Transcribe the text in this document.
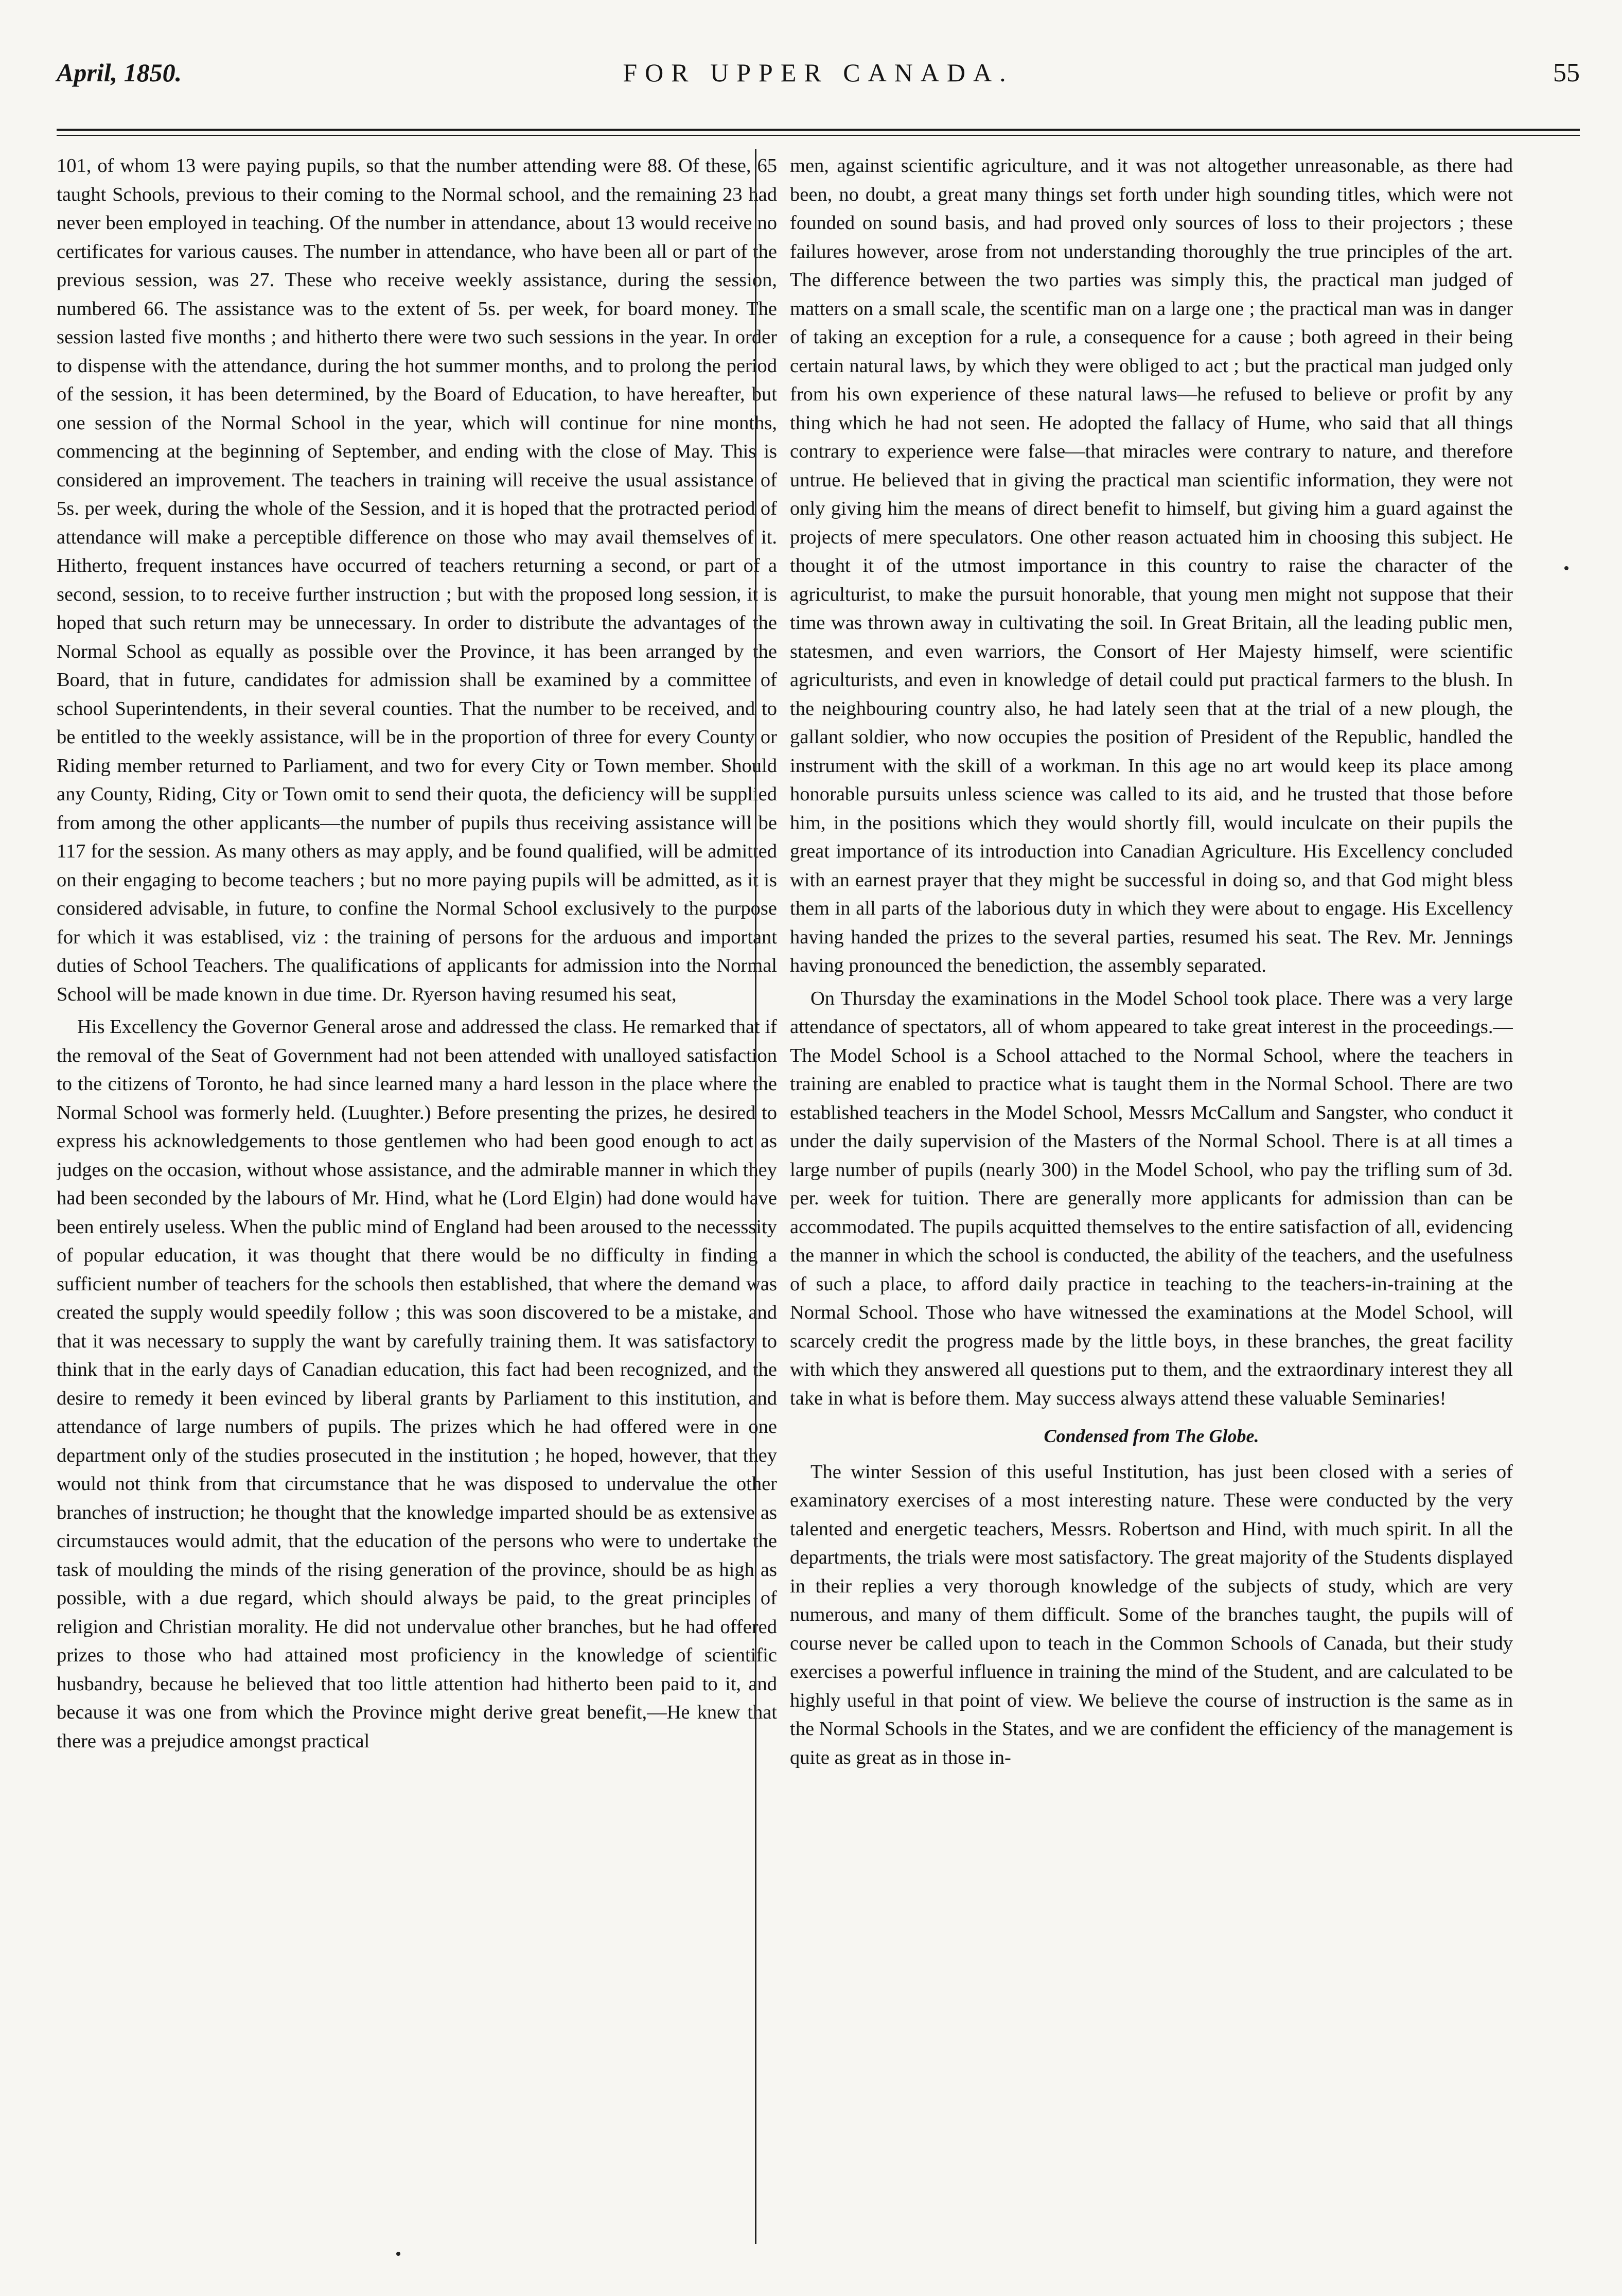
April, 1850.	FOR UPPER CANADA.	55

101, of whom 13 were paying pupils, so that the number attending were 88. Of these, 65 taught Schools, previous to their coming to the Normal school, and the remaining 23 had never been employed in teaching. Of the number in attendance, about 13 would receive no certificates for various causes. The number in attendance, who have been all or part of the previous session, was 27. These who receive weekly assistance, during the session, numbered 66. The assistance was to the extent of 5s. per week, for board money. The session lasted five months ; and hitherto there were two such sessions in the year. In order to dispense with the attendance, during the hot summer months, and to prolong the period of the session, it has been determined, by the Board of Education, to have hereafter, but one session of the Normal School in the year, which will continue for nine months, commencing at the beginning of September, and ending with the close of May. This is considered an improvement. The teachers in training will receive the usual assistance of 5s. per week, during the whole of the Session, and it is hoped that the protracted period of attendance will make a perceptible difference on those who may avail themselves of it. Hitherto, frequent instances have occurred of teachers returning a second, or part of a second, session, to to receive further instruction ; but with the proposed long session, it is hoped that such return may be unnecessary. In order to distribute the advantages of the Normal School as equally as possible over the Province, it has been arranged by the Board, that in future, candidates for admission shall be examined by a committee of school Superintendents, in their several counties. That the number to be received, and to be entitled to the weekly assistance, will be in the proportion of three for every County or Riding member returned to Parliament, and two for every City or Town member. Should any County, Riding, City or Town omit to send their quota, the deficiency will be supplied from among the other applicants—the number of pupils thus receiving assistance will be 117 for the session. As many others as may apply, and be found qualified, will be admitted on their engaging to become teachers ; but no more paying pupils will be admitted, as it is considered advisable, in future, to confine the Normal School exclusively to the purpose for which it was establised, viz : the training of persons for the arduous and important duties of School Teachers. The qualifications of applicants for admission into the Normal School will be made known in due time. Dr. Ryerson having resumed his seat,

His Excellency the Governor General arose and addressed the class. He remarked that if the removal of the Seat of Government had not been attended with unalloyed satisfaction to the citizens of Toronto, he had since learned many a hard lesson in the place where the Normal School was formerly held. (Luughter.) Before presenting the prizes, he desired to express his acknowledgements to those gentlemen who had been good enough to act as judges on the occasion, without whose assistance, and the admirable manner in which they had been seconded by the labours of Mr. Hind, what he (Lord Elgin) had done would have been entirely useless. When the public mind of England had been aroused to the necesssity of popular education, it was thought that there would be no difficulty in finding a sufficient number of teachers for the schools then established, that where the demand was created the supply would speedily follow ; this was soon discovered to be a mistake, and that it was necessary to supply the want by carefully training them. It was satisfactory to think that in the early days of Canadian education, this fact had been recognized, and the desire to remedy it been evinced by liberal grants by Parliament to this institution, and attendance of large numbers of pupils. The prizes which he had offered were in one department only of the studies prosecuted in the institution ; he hoped, however, that they would not think from that circumstance that he was disposed to undervalue the other branches of instruction; he thought that the knowledge imparted should be as extensive as circumstauces would admit, that the education of the persons who were to undertake the task of moulding the minds of the rising generation of the province, should be as high as possible, with a due regard, which should always be paid, to the great principles of religion and Christian morality. He did not undervalue other branches, but he had offered prizes to those who had attained most proficiency in the knowledge of scientific husbandry, because he believed that too little attention had hitherto been paid to it, and because it was one from which the Province might derive great benefit,—He knew that there was a prejudice amongst practical

men, against scientific agriculture, and it was not altogether unreasonable, as there had been, no doubt, a great many things set forth under high sounding titles, which were not founded on sound basis, and had proved only sources of loss to their projectors ; these failures however, arose from not understanding thoroughly the true principles of the art. The difference between the two parties was simply this, the practical man judged of matters on a small scale, the scentific man on a large one ; the practical man was in danger of taking an exception for a rule, a consequence for a cause ; both agreed in their being certain natural laws, by which they were obliged to act ; but the practical man judged only from his own experience of these natural laws—he refused to believe or profit by any thing which he had not seen. He adopted the fallacy of Hume, who said that all things contrary to experience were false—that miracles were contrary to nature, and therefore untrue. He believed that in giving the practical man scientific information, they were not only giving him the means of direct benefit to himself, but giving him a guard against the projects of mere speculators. One other reason actuated him in choosing this subject. He thought it of the utmost importance in this country to raise the character of the agriculturist, to make the pursuit honorable, that young men might not suppose that their time was thrown away in cultivating the soil. In Great Britain, all the leading public men, statesmen, and even warriors, the Consort of Her Majesty himself, were scientific agriculturists, and even in knowledge of detail could put practical farmers to the blush. In the neighbouring country also, he had lately seen that at the trial of a new plough, the gallant soldier, who now occupies the position of President of the Republic, handled the instrument with the skill of a workman. In this age no art would keep its place among honorable pursuits unless science was called to its aid, and he trusted that those before him, in the positions which they would shortly fill, would inculcate on their pupils the great importance of its introduction into Canadian Agriculture. His Excellency concluded with an earnest prayer that they might be successful in doing so, and that God might bless them in all parts of the laborious duty in which they were about to engage. His Excellency having handed the prizes to the several parties, resumed his seat. The Rev. Mr. Jennings having pronounced the benediction, the assembly separated.

On Thursday the examinations in the Model School took place. There was a very large attendance of spectators, all of whom appeared to take great interest in the proceedings.—The Model School is a School attached to the Normal School, where the teachers in training are enabled to practice what is taught them in the Normal School. There are two established teachers in the Model School, Messrs McCallum and Sangster, who conduct it under the daily supervision of the Masters of the Normal School. There is at all times a large number of pupils (nearly 300) in the Model School, who pay the trifling sum of 3d. per. week for tuition. There are generally more applicants for admission than can be accommodated. The pupils acquitted themselves to the entire satisfaction of all, evidencing the manner in which the school is conducted, the ability of the teachers, and the usefulness of such a place, to afford daily practice in teaching to the teachers-in-training at the Normal School. Those who have witnessed the examinations at the Model School, will scarcely credit the progress made by the little boys, in these branches, the great facility with which they answered all questions put to them, and the extraordinary interest they all take in what is before them. May success always attend these valuable Seminaries!

Condensed from The Globe.

The winter Session of this useful Institution, has just been closed with a series of examinatory exercises of a most interesting nature. These were conducted by the very talented and energetic teachers, Messrs. Robertson and Hind, with much spirit. In all the departments, the trials were most satisfactory. The great majority of the Students displayed in their replies a very thorough knowledge of the subjects of study, which are very numerous, and many of them difficult. Some of the branches taught, the pupils will of course never be called upon to teach in the Common Schools of Canada, but their study exercises a powerful influence in training the mind of the Student, and are calculated to be highly useful in that point of view. We believe the course of instruction is the same as in the Normal Schools in the States, and we are confident the efficiency of the management is quite as great as in those in-
